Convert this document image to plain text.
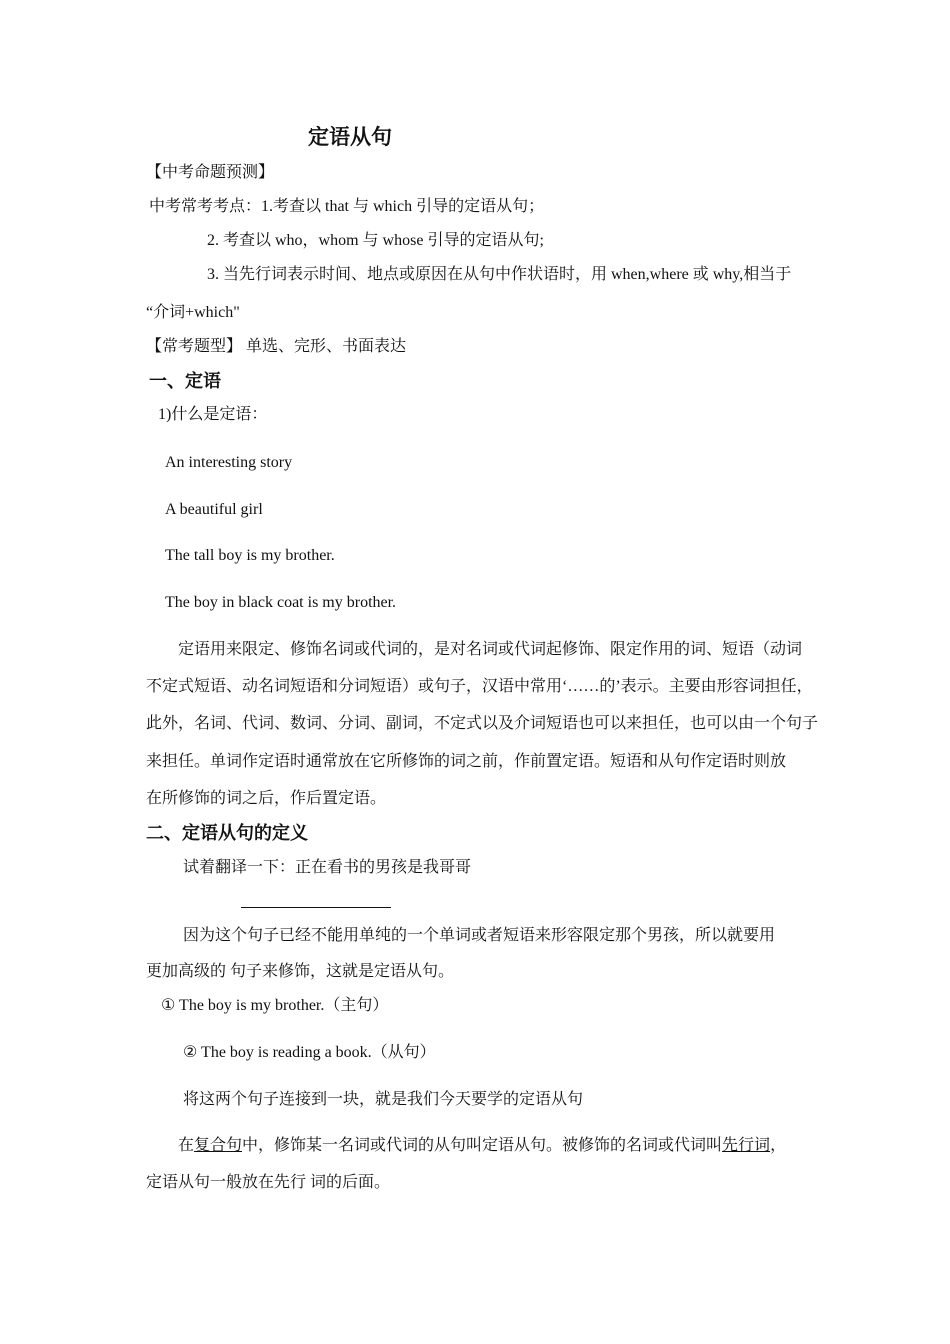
定语从句
【中考命题预测】
中考常考考点：1.考查以 that 与 which 引导的定语从句；
2. 考查以 who，whom 与 whose 引导的定语从句;
3. 当先行词表示时间、地点或原因在从句中作状语时，用 when,where 或 why,相当于
“介词+which"
【常考题型】 单选、完形、书面表达
一、定语
1)什么是定语：
An interesting story
A beautiful girl
The tall boy is my brother.
The boy in black coat is my brother.
定语用来限定、修饰名词或代词的，是对名词或代词起修饰、限定作用的词、短语（动词
不定式短语、动名词短语和分词短语）或句子，汉语中常用‘……的’表示。主要由形容词担任，
此外，名词、代词、数词、分词、副词，不定式以及介词短语也可以来担任，也可以由一个句子
来担任。单词作定语时通常放在它所修饰的词之前，作前置定语。短语和从句作定语时则放
在所修饰的词之后，作后置定语。
二、定语从句的定义
试着翻译一下：正在看书的男孩是我哥哥
因为这个句子已经不能用单纯的一个单词或者短语来形容限定那个男孩，所以就要用
更加高级的 句子来修饰，这就是定语从句。
① The boy is my brother.（主句）
② The boy is reading a book.（从句）
将这两个句子连接到一块，就是我们今天要学的定语从句
在复合句中，修饰某一名词或代词的从句叫定语从句。被修饰的名词或代词叫先行词，
定语从句一般放在先行 词的后面。
